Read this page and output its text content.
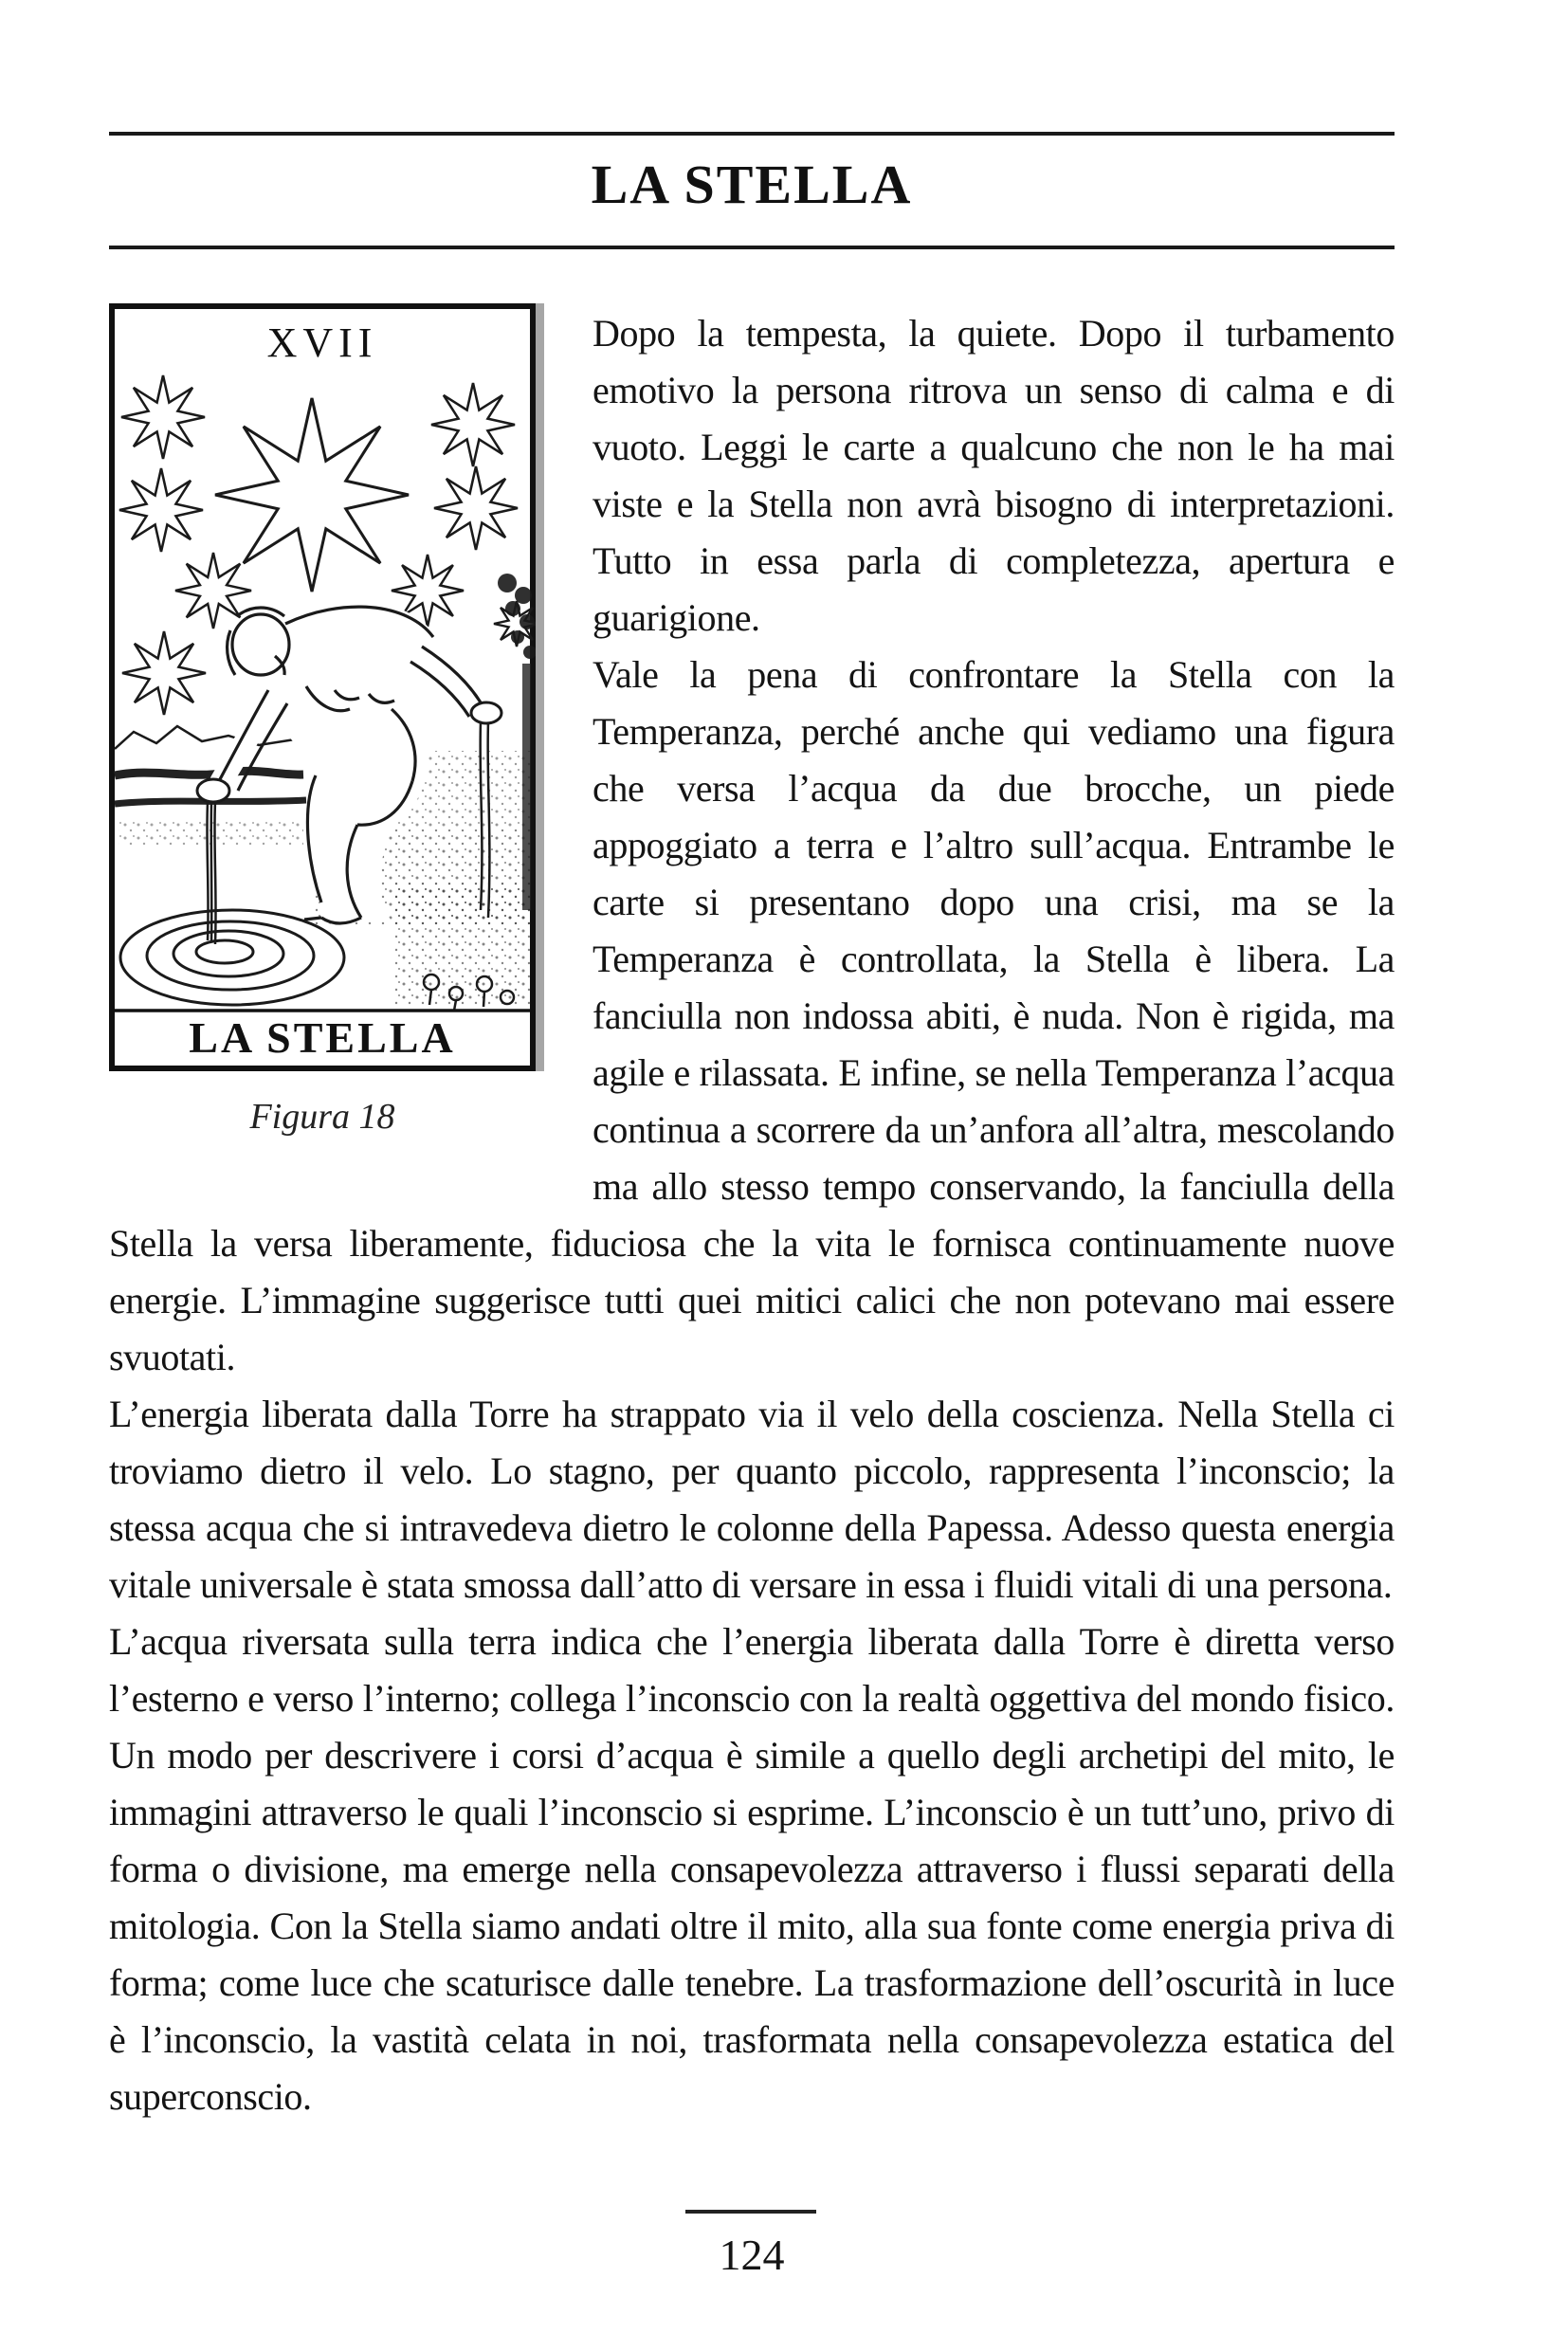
LA STELLA
XVII
LA STELLA
Figura 18

Dopo la tempesta, la quiete. Dopo il turbamento emotivo la persona ritrova un senso di calma e di vuoto. Leggi le carte a qualcuno che non le ha mai viste e la Stella non avrà bisogno di interpretazioni. Tutto in essa parla di completezza, apertura e guarigione.

Vale la pena di confrontare la Stella con la Temperanza, perché anche qui vediamo una figura che versa l’acqua da due brocche, un piede appoggiato a terra e l’altro sull’acqua. Entrambe le carte si presentano dopo una crisi, ma se la Temperanza è controllata, la Stella è libera. La fanciulla non indossa abiti, è nuda. Non è rigida, ma agile e rilassata. E infine, se nella Temperanza l’acqua continua a scorrere da un’anfora all’altra, mescolando ma allo stesso tempo conservando, la fanciulla della Stella la versa liberamente, fiduciosa che la vita le fornisca continuamente nuove energie. L’immagine suggerisce tutti quei mitici calici che non potevano mai essere svuotati.

L’energia liberata dalla Torre ha strappato via il velo della coscienza. Nella Stella ci troviamo dietro il velo. Lo stagno, per quanto piccolo, rappresenta l’inconscio; la stessa acqua che si intravedeva dietro le colonne della Papessa. Adesso questa energia vitale universale è stata smossa dall’atto di versare in essa i fluidi vitali di una persona.

L’acqua riversata sulla terra indica che l’energia liberata dalla Torre è diretta verso l’esterno e verso l’interno; collega l’inconscio con la realtà oggettiva del mondo fisico. Un modo per descrivere i corsi d’acqua è simile a quello degli archetipi del mito, le immagini attraverso le quali l’inconscio si esprime. L’inconscio è un tutt’uno, privo di forma o divisione, ma emerge nella consapevolezza attraverso i flussi separati della mitologia. Con la Stella siamo andati oltre il mito, alla sua fonte come energia priva di forma; come luce che scaturisce dalle tenebre. La trasformazione dell’oscurità in luce è l’inconscio, la vastità celata in noi, trasformata nella consapevolezza estatica del superconscio.

124
